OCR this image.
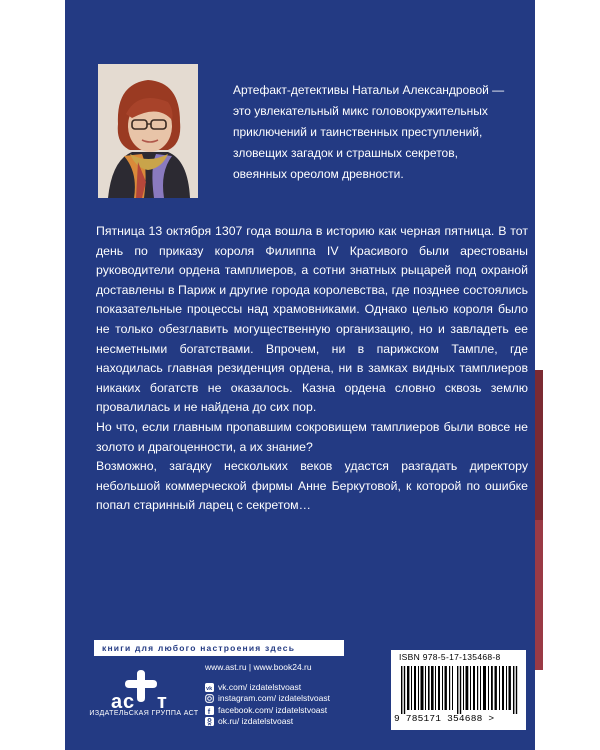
Артефакт-детективы Натальи Александровой —

это увлекательный микс головокружительных

приключений и таинственных преступлений,

зловещих загадок и страшных секретов,

овеянных ореолом древности.

Пятница 13 октября 1307 года вошла в историю как черная пятница. В тот день по приказу короля Филиппа IV Красивого были арестованы руководители ордена тамплиеров, а сотни знатных рыцарей под охраной доставлены в Париж и другие города королевства, где позднее состоялись показательные процессы над храмовниками. Однако целью короля было не только обезглавить могущественную организацию, но и завладеть ее несметными богатствами. Впрочем, ни в парижском Тампле, где находилась главная резиденция ордена, ни в замках видных тамплиеров никаких богатств не оказалось. Казна ордена словно сквозь землю провалилась и не найдена до сих пор.

Но что, если главным пропавшим сокровищем тамплиеров были вовсе не золото и драгоценности, а их знание?

Возможно, загадку нескольких веков удастся разгадать директору небольшой коммерческой фирмы Анне Беркутовой, к которой по ошибке попал старинный ларец с секретом…

книги для любого настроения здесь
а с т
ИЗДАТЕЛЬСКАЯ ГРУППА АСТ
www.ast.ru | www.book24.ru
vk vk.com/ izdatelstvoast
instagram.com/ izdatelstvoast
f facebook.com/ izdatelstvoast
ok.ru/ izdatelstvoast
ISBN 978-5-17-135468-8
9 785171 354688 >
